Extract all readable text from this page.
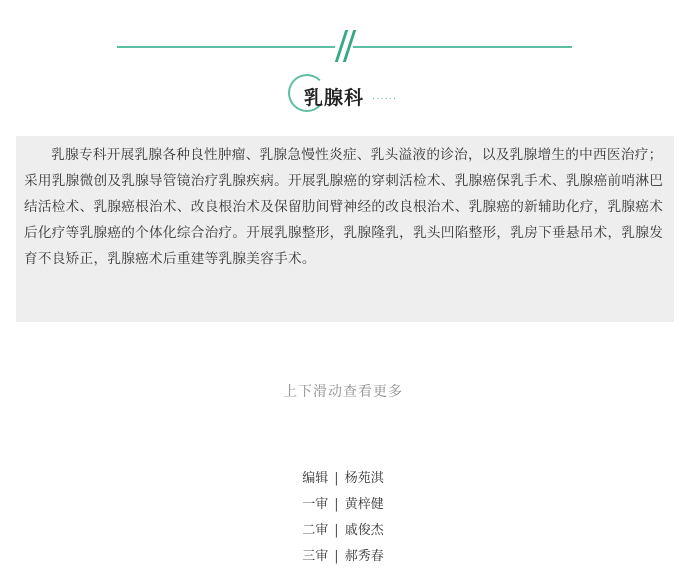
乳腺科 ······

乳腺专科开展乳腺各种良性肿瘤、乳腺急慢性炎症、乳头溢液的诊治，以及乳腺增生的中西医治疗；采用乳腺微创及乳腺导管镜治疗乳腺疾病。开展乳腺癌的穿刺活检术、乳腺癌保乳手术、乳腺癌前哨淋巴结活检术、乳腺癌根治术、改良根治术及保留肋间臂神经的改良根治术、乳腺癌的新辅助化疗，乳腺癌术后化疗等乳腺癌的个体化综合治疗。开展乳腺整形，乳腺隆乳，乳头凹陷整形，乳房下垂悬吊术，乳腺发育不良矫正，乳腺癌术后重建等乳腺美容手术。

上下滑动查看更多
编辑 | 杨苑淇
一审 | 黄梓健
二审 | 戚俊杰
三审 | 郝秀春
